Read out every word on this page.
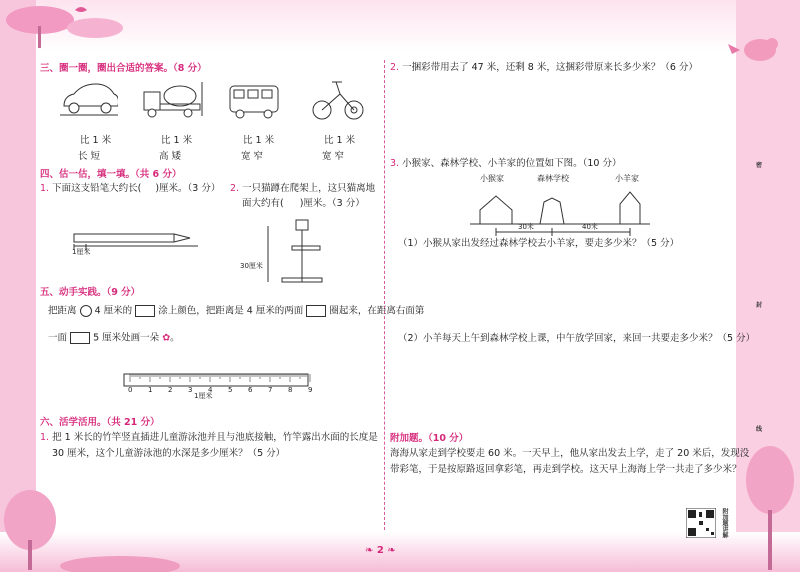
三、圈一圈，圈出合适的答案。（8 分）
比 1 米
长 短
比 1 米
高 矮
比 1 米
宽 窄
比 1 米
宽 窄
四、估一估，填一填。（共 6 分）
1. 下面这支铅笔大约长( )厘米。（3 分） 2. 一只猫蹲在爬架上，这只猫离地
面大约有( )厘米。（3 分）
1厘米
30厘米
五、动手实践。（9 分）
把距离 4 厘米的	涂上颜色，把距离是 4 厘米的两面	圈起来，在距离右面第
一面	5 厘米处画一朵 ✿。
1厘米
六、活学活用。（共 21 分）
1. 把 1 米长的竹竿竖直插进儿童游泳池并且与池底接触，竹竿露出水面的长度是
30 厘米，这个儿童游泳池的水深是多少厘米？（5 分）
0 1 2 3 4 5 6 7 8 9
2. 一捆彩带用去了 47 米，还剩 8 米，这捆彩带原来长多少米？（6 分）
3. 小猴家、森林学校、小羊家的位置如下图。（10 分）
小猴家	森林学校	小羊家
30米	40米
（1）小猴从家出发经过森林学校去小羊家，要走多少米？（5 分）
（2）小羊每天上午到森林学校上课，中午放学回家，来回一共要走多少米？（5 分）
附加题。（10 分）
海海从家走到学校要走 60 米。一天早上，他从家出发去上学，走了 20 米后，发现没
带彩笔，于是按原路返回拿彩笔，再走到学校。这天早上海海上学一共走了多少米？
密
封
线
附加题讲解
❧ 2 ❧
